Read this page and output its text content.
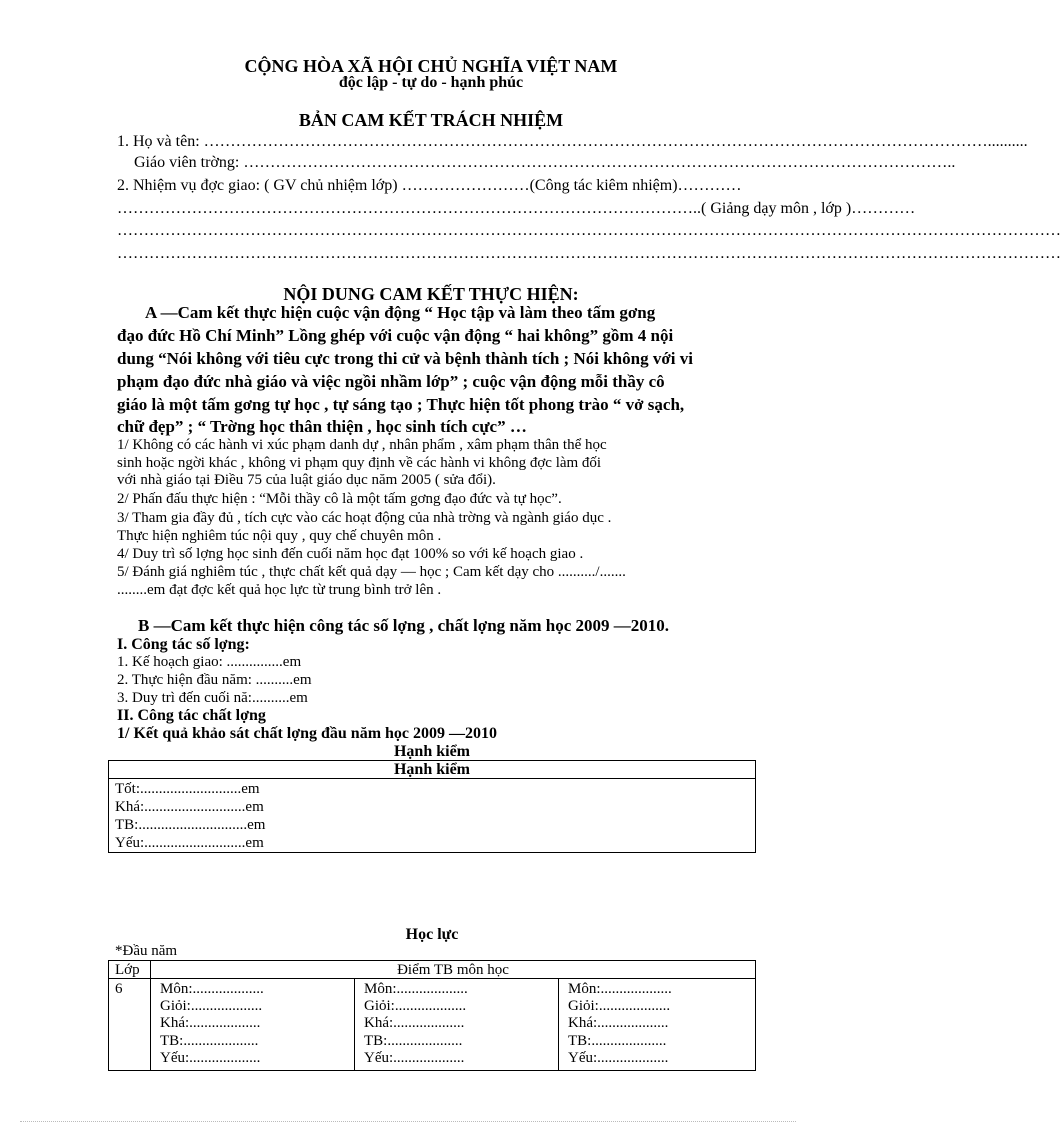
CỘNG HÒA XÃ HỘI CHỦ NGHĨA VIỆT NAM
độc lập - tự do - hạnh phúc
BẢN CAM KẾT TRÁCH NHIỆM
1. Họ và tên: …………………………………………………………………………………………………………………………………..........
Giáo viên trờng: ……………………………………………………………………………………………………………………..
2. Nhiệm vụ đợc giao: ( GV chủ nhiệm lớp) ……………………(Công tác kiêm nhiệm)…………
………………………………………………………………………………………………..( Giảng dạy môn , lớp )…………
……………………………………………………………………………………………………………………………………………………………
……………………………………………………………………………………………………………………………………………………………
NỘI DUNG CAM KẾT THỰC HIỆN:
A —Cam kết thực hiện cuộc vận động “ Học tập và làm theo tấm gơng
đạo đức Hồ Chí Minh” Lồng ghép với cuộc vận động “ hai không” gồm 4 nội
dung “Nói không với tiêu cực trong thi cử và bệnh thành tích ; Nói không với vi
phạm đạo đức nhà giáo và việc ngồi nhầm lớp” ; cuộc vận động mỗi thầy cô
giáo là một tấm gơng tự học , tự sáng tạo ; Thực hiện tốt phong trào “ vở sạch,
chữ đẹp” ; “ Trờng học thân thiện , học sinh tích cực” …
1/ Không có các hành vi xúc phạm danh dự , nhân phẩm , xâm phạm thân thể học
sinh hoặc ngời khác , không vi phạm quy định về các hành vi không đợc làm đối
với nhà giáo tại Điều 75 của luật giáo dục năm 2005 ( sửa đổi).
2/ Phấn đấu thực hiện : “Mỗi thầy cô là một tấm gơng đạo đức và tự học”.
3/ Tham gia đầy đủ , tích cực vào các hoạt động của nhà trờng và ngành giáo dục .
Thực hiện nghiêm túc nội quy , quy chế chuyên môn .
4/ Duy trì số lợng học sinh đến cuối năm học đạt 100% so với kế hoạch giao .
5/ Đánh giá nghiêm túc , thực chất kết quả dạy — học ; Cam kết dạy cho ........../.......
........em đạt đợc kết quả học lực từ trung bình trở lên .
B —Cam kết thực hiện công tác số lợng , chất lợng năm học 2009 —2010.
I. Công tác số lợng:
1. Kế hoạch giao: ...............em
2. Thực hiện đầu năm: ..........em
3. Duy trì đến cuối nă:..........em
II. Công tác chất lợng
1/ Kết quả khảo sát chất lợng đầu năm học 2009 —2010
Hạnh kiểm
Hạnh kiểm
Tốt:...........................em
Khá:...........................em
TB:.............................em
Yếu:...........................em
Học lực
*Đầu năm
Lớp	Điểm TB môn học
6	Môn:...................
Giỏi:...................
Khá:...................
TB:....................
Yếu:...................
Môn:...................
Giỏi:...................
Khá:...................
TB:....................
Yếu:...................
Môn:...................
Giỏi:...................
Khá:...................
TB:....................
Yếu:...................
